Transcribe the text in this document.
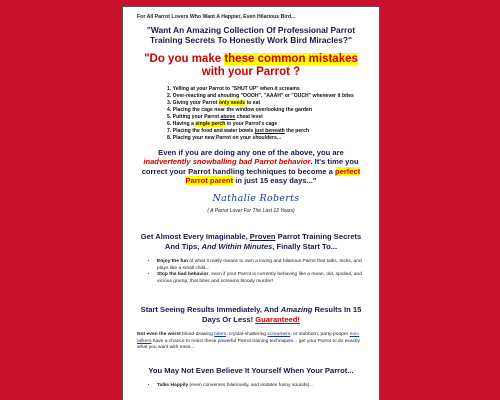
For All Parrot Lovers Who Want A Happier, Even Hilarious Bird...
"Want An Amazing Collection Of Professional Parrot Training Secrets To Honestly Work Bird Miracles?"
"Do you make these common mistakes with your Parrot ?
1. Yelling at your Parrot to "SHUT UP" when it screams
2. Over-reacting and shouting "OOOH", "AAAH" or "OUCH" whenever it bites
3. Giving your Parrot only seeds to eat
4. Placing the cage near the window overlooking the garden
5. Putting your Parrot above cheat level
6. Having a single perch in your Parrot's cage
7. Placing the food and water bowls just beneath the perch
8. Placing your new Parrot on your shoulders...
Even if you are doing any one of the above, you are inadvertently snowballing bad Parrot behavior. It's time you correct your Parrot handling techniques to become a perfect Parrot parent in just 15 easy days..."
Nathalie Roberts
( A Parrot Lover For The Last 12 Years)
Get Almost Every Imaginable, Proven Parrot Training Secrets And Tips, And Within Minutes, Finally Start To...
• Enjoy the fun of what it really means to own a loving and hilarious Parrot that talks, tricks, and plays like a small child...
• Stop the bad behavior, even if your Parrot is currently behaving like a mean, old, spoiled, and vicious grump, that bites and screams bloody murder!
Start Seeing Results Immediately, And Amazing Results In 15 Days Or Less! Guaranteed!
Not even the worst blood-drawing biters, crystal-shattering screamers, or stubborn, party-pooper non-talkers have a chance to resist these powerful Parrot training techniques... get your Parrot to do exactly what you want with ease...
You May Not Even Believe It Yourself When Your Parrot...
• Talks Happily (even converses hilariously, and imitates funny sounds)...
